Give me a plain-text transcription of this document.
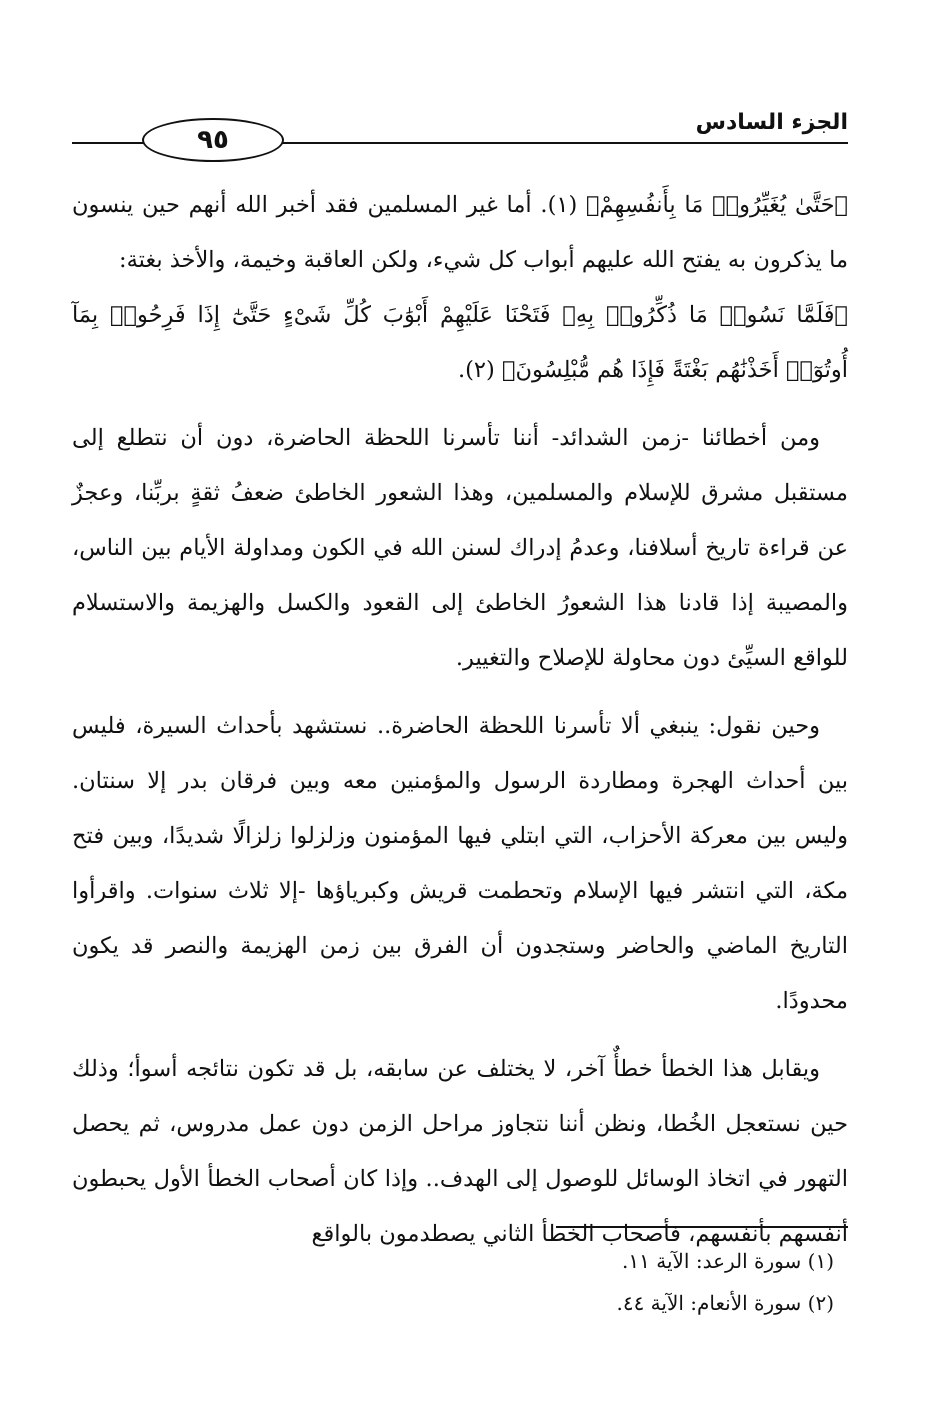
٩٥
الجزء السادس

﴿حَتَّىٰ يُغَيِّرُوا۟ مَا بِأَنفُسِهِمْ﴾ (١). أما غير المسلمين فقد أخبر الله أنهم حين ينسون ما يذكرون به يفتح الله عليهم أبواب كل شيء، ولكن العاقبة وخيمة، والأخذ بغتة:

﴿فَلَمَّا نَسُوا۟ مَا ذُكِّرُوا۟ بِهِۦ فَتَحْنَا عَلَيْهِمْ أَبْوَٰبَ كُلِّ شَىْءٍ حَتَّىٰٓ إِذَا فَرِحُوا۟ بِمَآ أُوتُوٓا۟ أَخَذْنَٰهُم بَغْتَةً فَإِذَا هُم مُّبْلِسُونَ﴾ (٢).

ومن أخطائنا -زمن الشدائد- أننا تأسرنا اللحظة الحاضرة، دون أن نتطلع إلى مستقبل مشرق للإسلام والمسلمين، وهذا الشعور الخاطئ ضعفُ ثقةٍ بربِّنا، وعجزٌ عن قراءة تاريخ أسلافنا، وعدمُ إدراك لسنن الله في الكون ومداولة الأيام بين الناس، والمصيبة إذا قادنا هذا الشعورُ الخاطئ إلى القعود والكسل والهزيمة والاستسلام للواقع السيِّئ دون محاولة للإصلاح والتغيير.

وحين نقول: ينبغي ألا تأسرنا اللحظة الحاضرة.. نستشهد بأحداث السيرة، فليس بين أحداث الهجرة ومطاردة الرسول والمؤمنين معه وبين فرقان بدر إلا سنتان. وليس بين معركة الأحزاب، التي ابتلي فيها المؤمنون وزلزلوا زلزالًا شديدًا، وبين فتح مكة، التي انتشر فيها الإسلام وتحطمت قريش وكبرياؤها -إلا ثلاث سنوات. واقرأوا التاريخ الماضي والحاضر وستجدون أن الفرق بين زمن الهزيمة والنصر قد يكون محدودًا.

ويقابل هذا الخطأ خطأٌ آخر، لا يختلف عن سابقه، بل قد تكون نتائجه أسوأ؛ وذلك حين نستعجل الخُطا، ونظن أننا نتجاوز مراحل الزمن دون عمل مدروس، ثم يحصل التهور في اتخاذ الوسائل للوصول إلى الهدف.. وإذا كان أصحاب الخطأ الأول يحبطون أنفسهم بأنفسهم، فأصحاب الخطأ الثاني يصطدمون بالواقع

(١) سورة الرعد: الآية ١١.
(٢) سورة الأنعام: الآية ٤٤.
